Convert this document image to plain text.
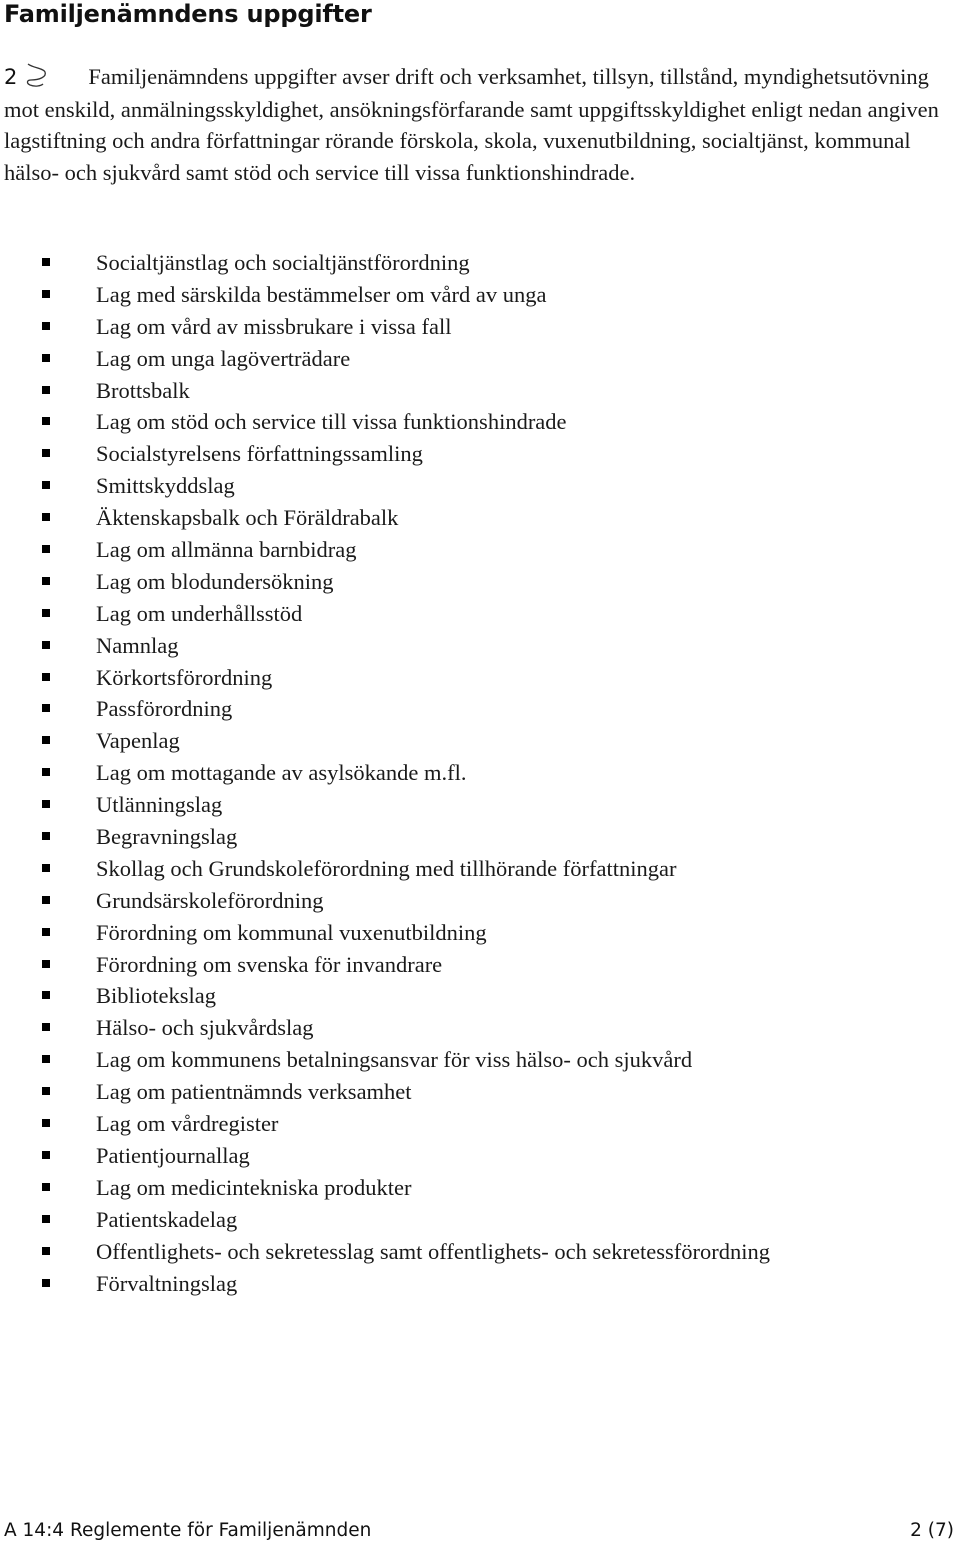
Familjenämndens uppgifter
2	Familjenämndens uppgifter avser drift och verksamhet, tillsyn, tillstånd, myndighetsutövning mot enskild, anmälningsskyldighet, ansökningsförfarande samt uppgiftsskyldighet enligt nedan angiven lagstiftning och andra författningar rörande förskola, skola, vuxenutbildning, socialtjänst, kommunal hälso- och sjukvård samt stöd och service till vissa funktionshindrade.
Socialtjänstlag och socialtjänstförordning
Lag med särskilda bestämmelser om vård av unga
Lag om vård av missbrukare i vissa fall
Lag om unga lagöverträdare
Brottsbalk
Lag om stöd och service till vissa funktionshindrade
Socialstyrelsens författningssamling
Smittskyddslag
Äktenskapsbalk och Föräldrabalk
Lag om allmänna barnbidrag
Lag om blodundersökning
Lag om underhållsstöd
Namnlag
Körkortsförordning
Passförordning
Vapenlag
Lag om mottagande av asylsökande m.fl.
Utlänningslag
Begravningslag
Skollag och Grundskoleförordning med tillhörande författningar
Grundsärskoleförordning
Förordning om kommunal vuxenutbildning
Förordning om svenska för invandrare
Bibliotekslag
Hälso- och sjukvårdslag
Lag om kommunens betalningsansvar för viss hälso- och sjukvård
Lag om patientnämnds verksamhet
Lag om vårdregister
Patientjournallag
Lag om medicintekniska produkter
Patientskadelag
Offentlighets- och sekretesslag samt offentlighets- och sekretessförordning
Förvaltningslag
A 14:4 Reglemente för Familjenämnden	2 (7)
